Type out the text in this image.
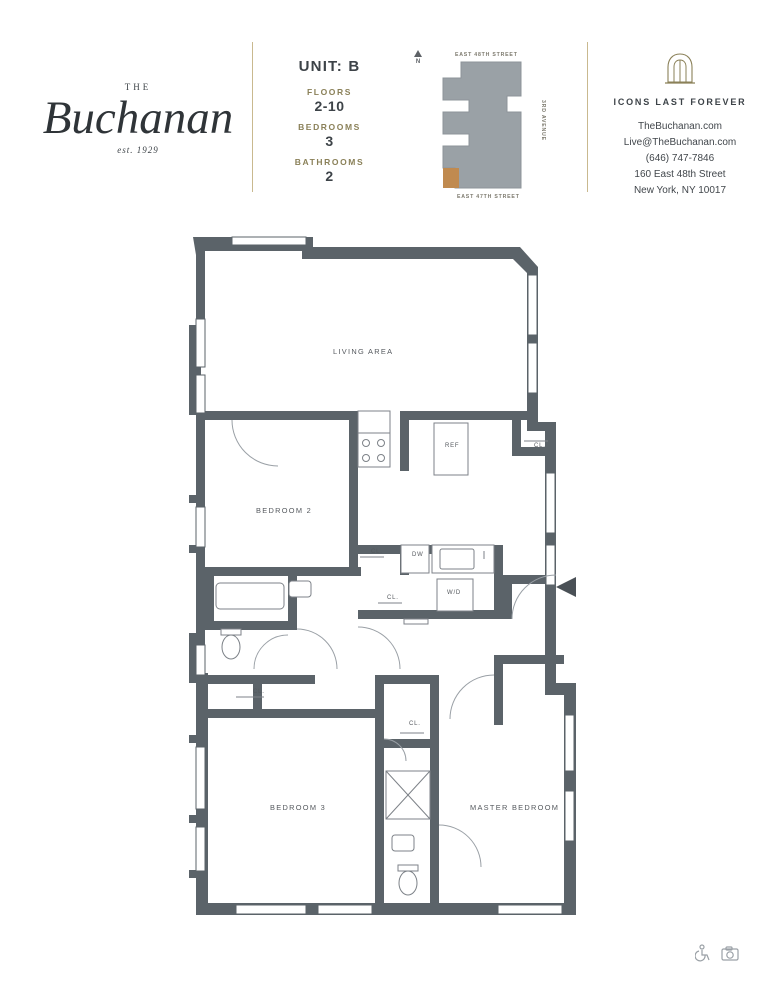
THE
Buchanan
est. 1929
UNIT: B
FLOORS
2-10
BEDROOMS
3
BATHROOMS
2
N
EAST 48TH STREET
EAST 47TH STREET
3RD AVENUE	ICONS LAST FOREVER
TheBuchanan.com
Live@TheBuchanan.com
(646) 747-7846
160 East 48th Street
New York, NY 10017
LIVING AREA
BEDROOM 2
BEDROOM 3	MASTER BEDROOM
REF	CL.
CL.	DW
CL.
W/D
CL.
CL.
